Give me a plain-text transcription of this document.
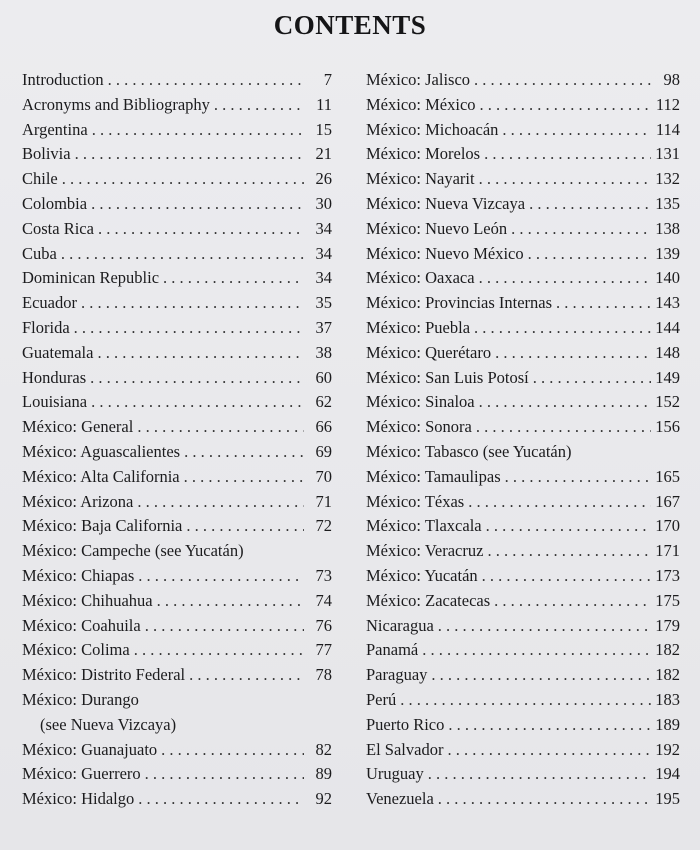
CONTENTS
Introduction . . .	7
Acronyms and Bibliography . . .	11
Argentina . . .	15
Bolivia . . .	21
Chile . . .	26
Colombia . . .	30
Costa Rica . . .	34
Cuba . . .	34
Dominican Republic . . .	34
Ecuador . . .	35
Florida . . .	37
Guatemala . . .	38
Honduras . . .	60
Louisiana . . .	62
México: General . . .	66
México: Aguascalientes . . .	69
México: Alta California . . .	70
México: Arizona . . .	71
México: Baja California . . .	72
México: Campeche (see Yucatán)
México: Chiapas . . .	73
México: Chihuahua . . .	74
México: Coahuila . . .	76
México: Colima . . .	77
México: Distrito Federal . . .	78
México: Durango
(see Nueva Vizcaya)
México: Guanajuato . . .	82
México: Guerrero . . .	89
México: Hidalgo . . .	92
México: Jalisco . . .	98
México: México . . .	112
México: Michoacán . . .	114
México: Morelos . . .	131
México: Nayarit . . .	132
México: Nueva Vizcaya . . .	135
México: Nuevo León . . .	138
México: Nuevo México . . .	139
México: Oaxaca . . .	140
México: Provincias Internas . . .	143
México: Puebla . . .	144
México: Querétaro . . .	148
México: San Luis Potosí . . .	149
México: Sinaloa . . .	152
México: Sonora . . .	156
México: Tabasco (see Yucatán)
México: Tamaulipas . . .	165
México: Téxas . . .	167
México: Tlaxcala . . .	170
México: Veracruz . . .	171
México: Yucatán . . .	173
México: Zacatecas . . .	175
Nicaragua . . .	179
Panamá . . .	182
Paraguay . . .	182
Perú . . .	183
Puerto Rico . . .	189
El Salvador . . .	192
Uruguay . . .	194
Venezuela . . .	195
